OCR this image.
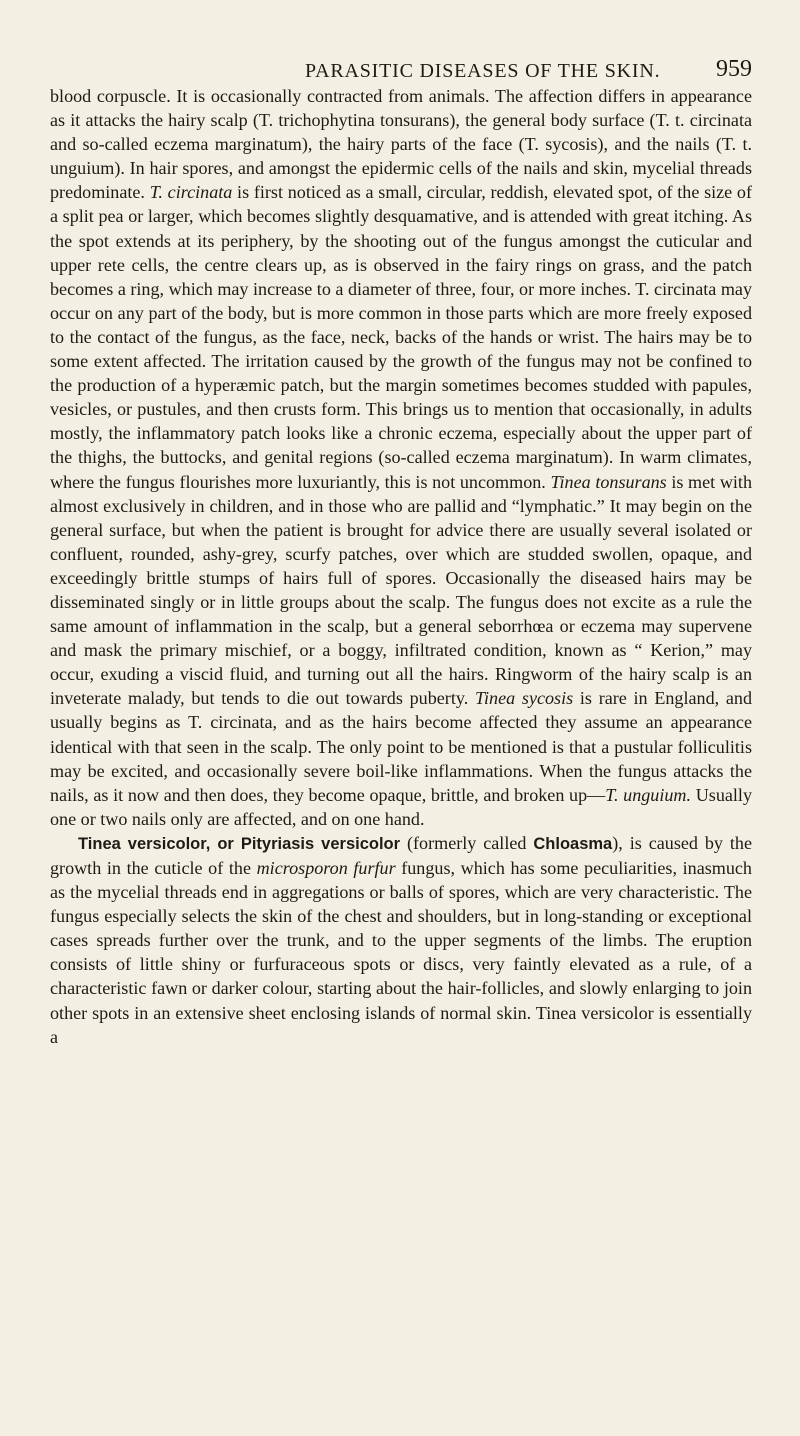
PARASITIC DISEASES OF THE SKIN. 959

blood corpuscle. It is occasionally contracted from animals. The affection differs in appearance as it attacks the hairy scalp (T. trichophytina tonsurans), the general body surface (T. t. circinata and so-called eczema marginatum), the hairy parts of the face (T. sycosis), and the nails (T. t. unguium). In hair spores, and amongst the epidermic cells of the nails and skin, mycelial threads predominate. T. circinata is first noticed as a small, circular, reddish, elevated spot, of the size of a split pea or larger, which becomes slightly desquamative, and is attended with great itching. As the spot extends at its periphery, by the shooting out of the fungus amongst the cuticular and upper rete cells, the centre clears up, as is observed in the fairy rings on grass, and the patch becomes a ring, which may increase to a diameter of three, four, or more inches. T. circinata may occur on any part of the body, but is more common in those parts which are more freely exposed to the contact of the fungus, as the face, neck, backs of the hands or wrist. The hairs may be to some extent affected. The irritation caused by the growth of the fungus may not be confined to the production of a hyperæmic patch, but the margin sometimes becomes studded with papules, vesicles, or pustules, and then crusts form. This brings us to mention that occasionally, in adults mostly, the inflammatory patch looks like a chronic eczema, especially about the upper part of the thighs, the buttocks, and genital regions (so-called eczema marginatum). In warm climates, where the fungus flourishes more luxuriantly, this is not uncommon. Tinea tonsurans is met with almost exclusively in children, and in those who are pallid and “lymphatic.” It may begin on the general surface, but when the patient is brought for advice there are usually several isolated or confluent, rounded, ashy-grey, scurfy patches, over which are studded swollen, opaque, and exceedingly brittle stumps of hairs full of spores. Occasionally the diseased hairs may be disseminated singly or in little groups about the scalp. The fungus does not excite as a rule the same amount of inflammation in the scalp, but a general seborrhœa or eczema may supervene and mask the primary mischief, or a boggy, infiltrated condition, known as “ Kerion,” may occur, exuding a viscid fluid, and turning out all the hairs. Ringworm of the hairy scalp is an inveterate malady, but tends to die out towards puberty. Tinea sycosis is rare in England, and usually begins as T. circinata, and as the hairs become affected they assume an appearance identical with that seen in the scalp. The only point to be mentioned is that a pustular folliculitis may be excited, and occasionally severe boil-like inflammations. When the fungus attacks the nails, as it now and then does, they become opaque, brittle, and broken up—T. unguium. Usually one or two nails only are affected, and on one hand.

Tinea versicolor, or Pityriasis versicolor (formerly called Chloasma), is caused by the growth in the cuticle of the microsporon furfur fungus, which has some peculiarities, inasmuch as the mycelial threads end in aggregations or balls of spores, which are very characteristic. The fungus especially selects the skin of the chest and shoulders, but in long-standing or exceptional cases spreads further over the trunk, and to the upper segments of the limbs. The eruption consists of little shiny or furfuraceous spots or discs, very faintly elevated as a rule, of a characteristic fawn or darker colour, starting about the hair-follicles, and slowly enlarging to join other spots in an extensive sheet enclosing islands of normal skin. Tinea versicolor is essentially a
